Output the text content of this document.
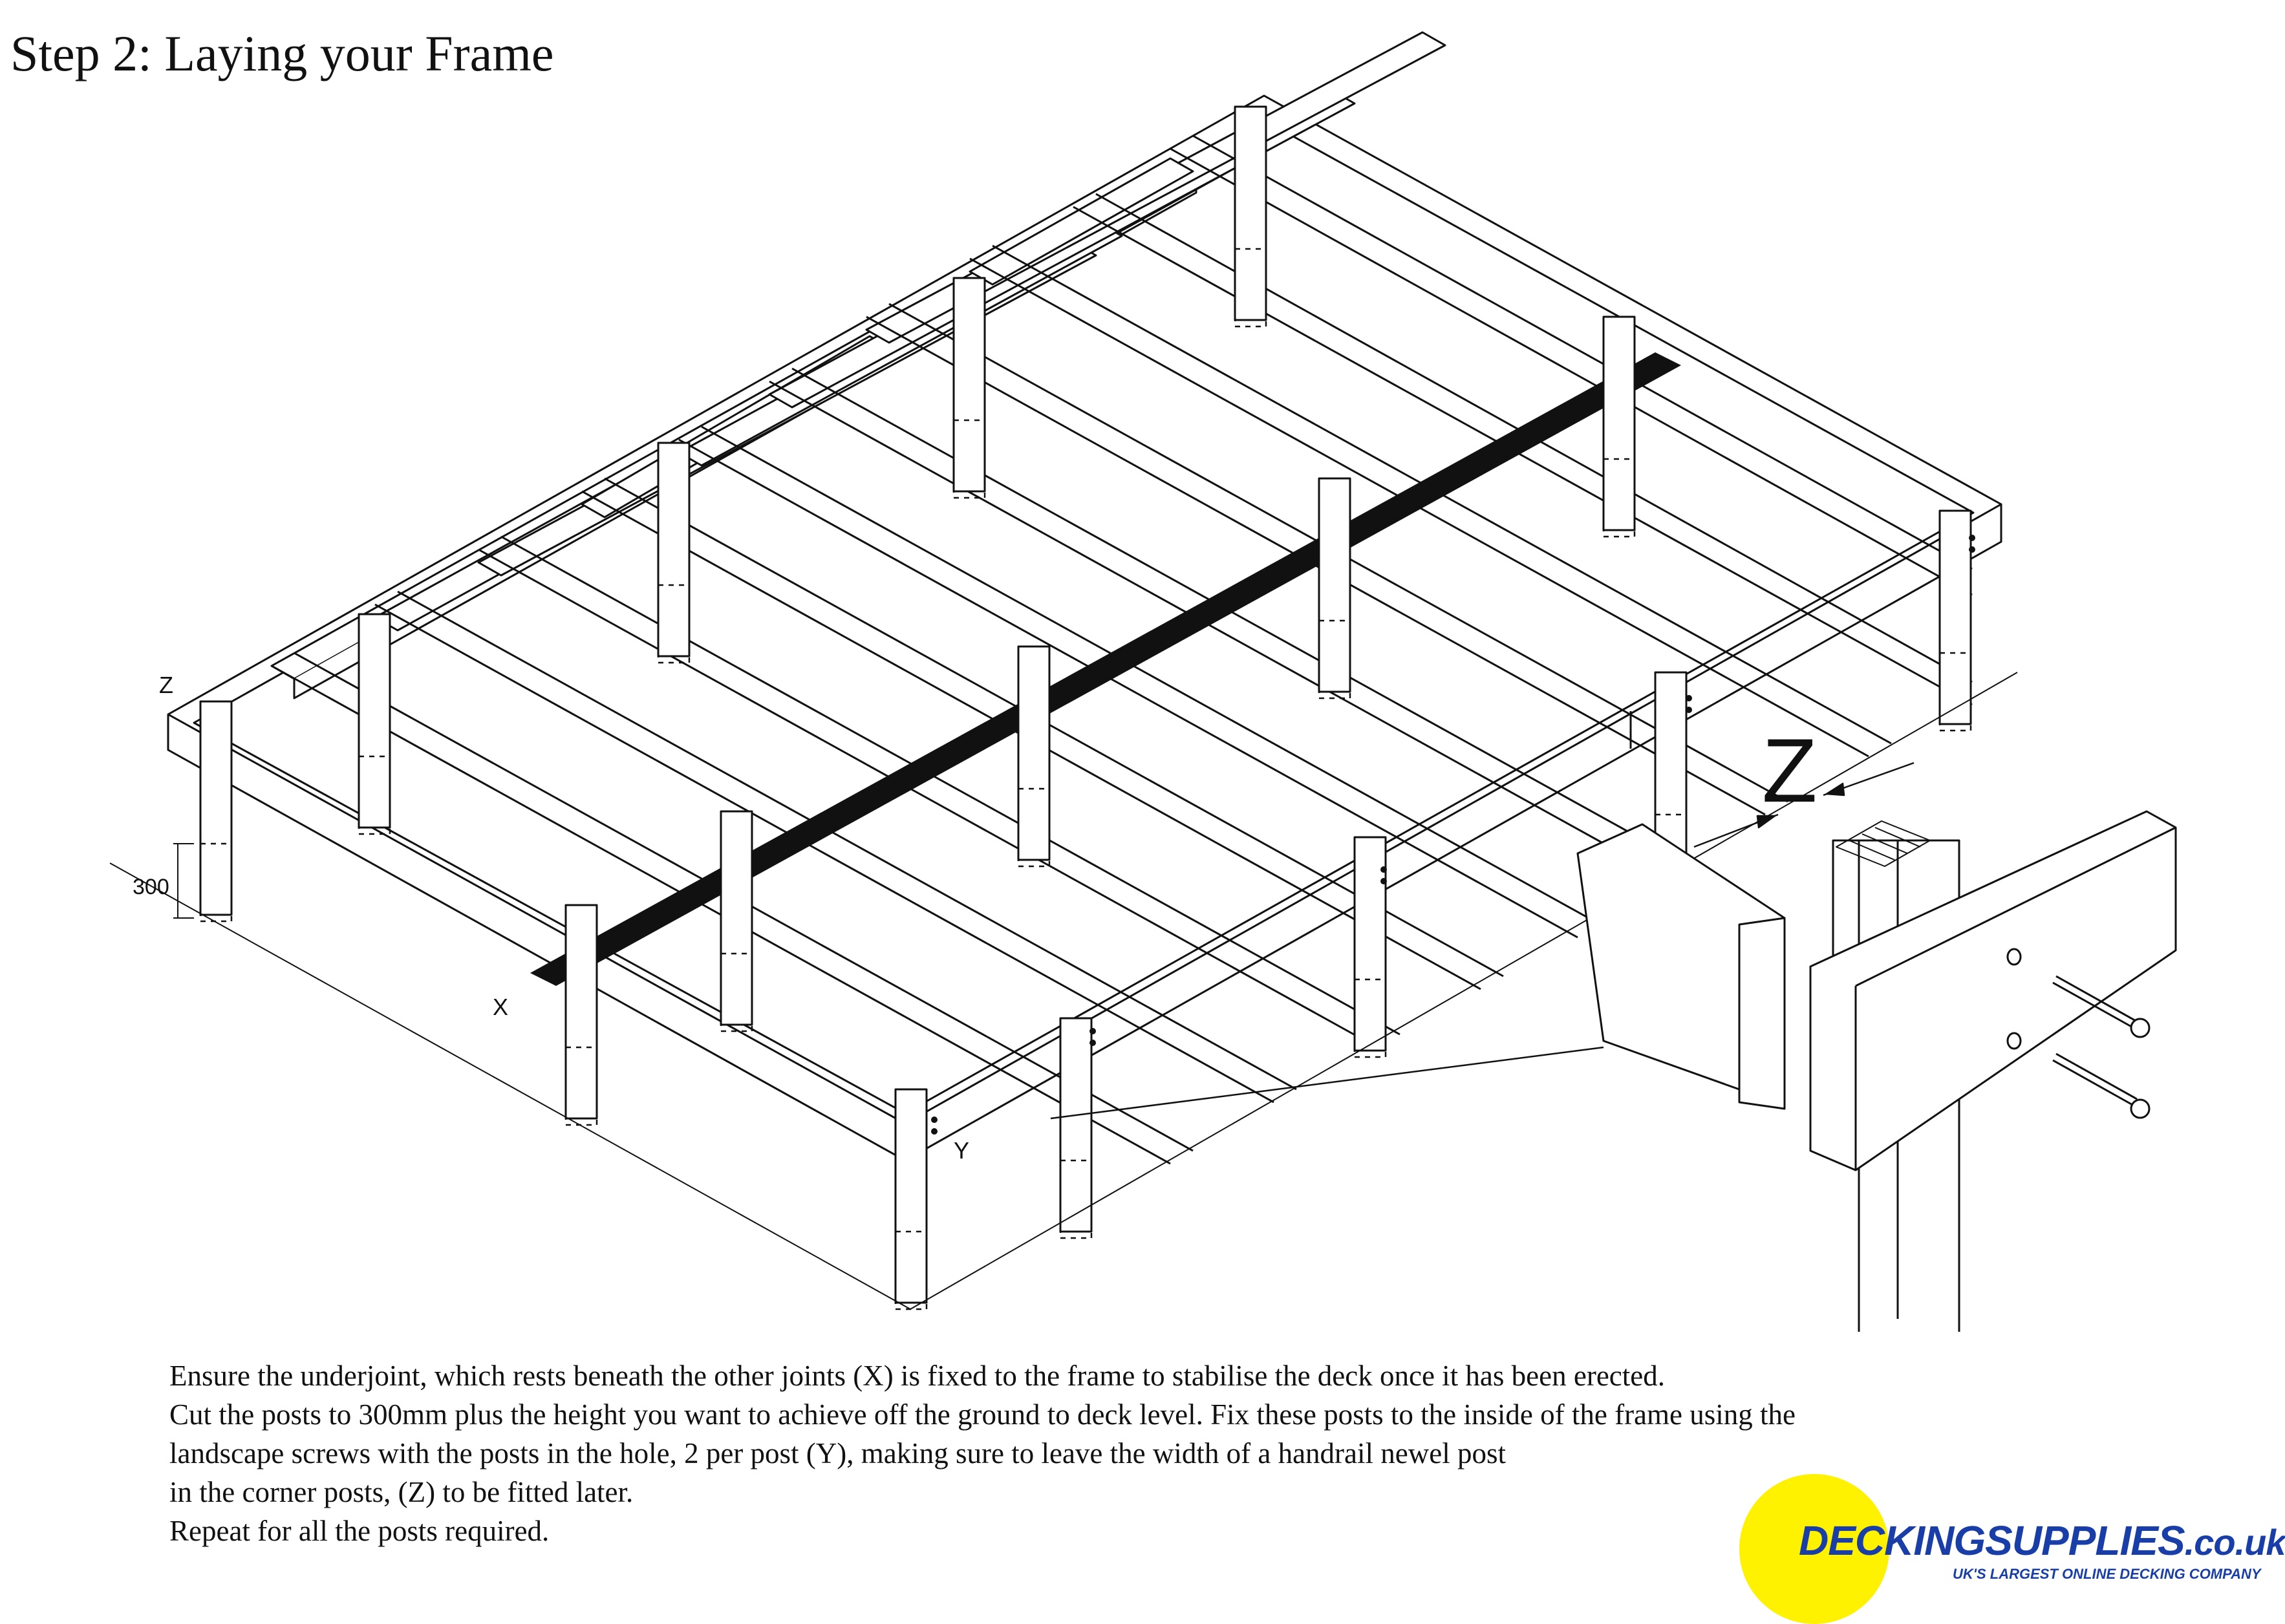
Step 2: Laying your Frame
Z
300
X
Y
Z
Ensure the underjoint, which rests beneath the other joints (X) is fixed to the frame to stabilise the deck once it has been erected.
Cut the posts to 300mm plus the height you want to achieve off the ground to deck level. Fix these posts to the inside of the frame using the
landscape screws with the posts in the hole, 2 per post (Y), making sure to leave the width of a handrail newel post
in the corner posts, (Z) to be fitted later.
Repeat for all the posts required.	DECKINGSUPPLIES.co.uk
UK'S LARGEST ONLINE DECKING COMPANY
